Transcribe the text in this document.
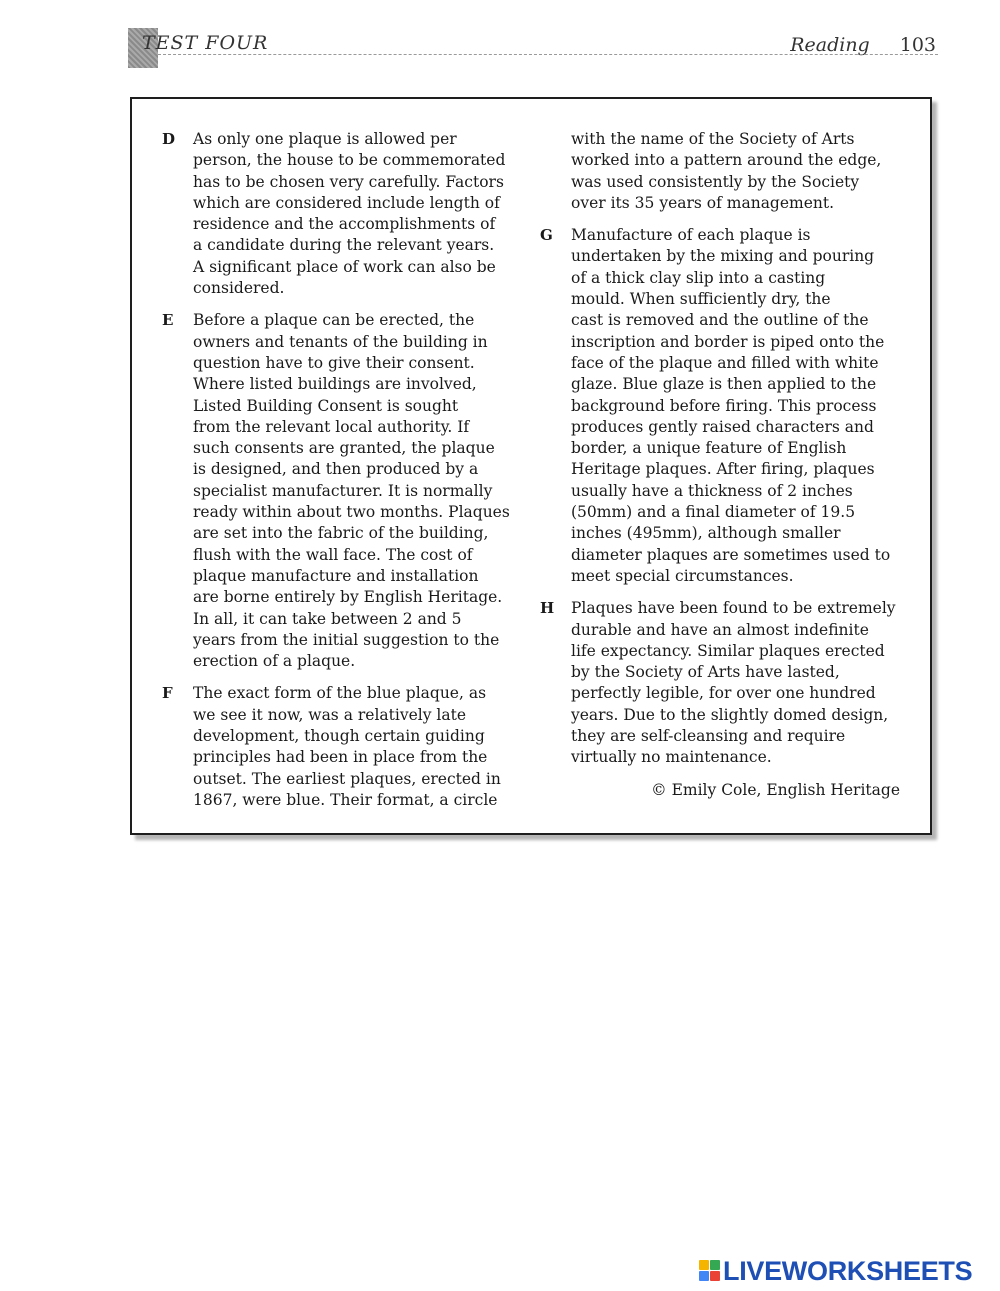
TEST FOUR	Reading 103
D As only one plaque is allowed per
person, the house to be commemorated
has to be chosen very carefully. Factors
which are considered include length of
residence and the accomplishments of
a candidate during the relevant years.
A significant place of work can also be
considered.
E Before a plaque can be erected, the
owners and tenants of the building in
question have to give their consent.
Where listed buildings are involved,
Listed Building Consent is sought
from the relevant local authority. If
such consents are granted, the plaque
is designed, and then produced by a
specialist manufacturer. It is normally
ready within about two months. Plaques
are set into the fabric of the building,
flush with the wall face. The cost of
plaque manufacture and installation
are borne entirely by English Heritage.
In all, it can take between 2 and 5
years from the initial suggestion to the
erection of a plaque.
F The exact form of the blue plaque, as
we see it now, was a relatively late
development, though certain guiding
principles had been in place from the
outset. The earliest plaques, erected in
1867, were blue. Their format, a circle
with the name of the Society of Arts
worked into a pattern around the edge,
was used consistently by the Society
over its 35 years of management.
G Manufacture of each plaque is
undertaken by the mixing and pouring
of a thick clay slip into a casting
mould. When sufficiently dry, the
cast is removed and the outline of the
inscription and border is piped onto the
face of the plaque and filled with white
glaze. Blue glaze is then applied to the
background before firing. This process
produces gently raised characters and
border, a unique feature of English
Heritage plaques. After firing, plaques
usually have a thickness of 2 inches
(50mm) and a final diameter of 19.5
inches (495mm), although smaller
diameter plaques are sometimes used to
meet special circumstances.
H Plaques have been found to be extremely
durable and have an almost indefinite
life expectancy. Similar plaques erected
by the Society of Arts have lasted,
perfectly legible, for over one hundred
years. Due to the slightly domed design,
they are self-cleansing and require
virtually no maintenance.
© Emily Cole, English Heritage
LIVEWORKSHEETS
